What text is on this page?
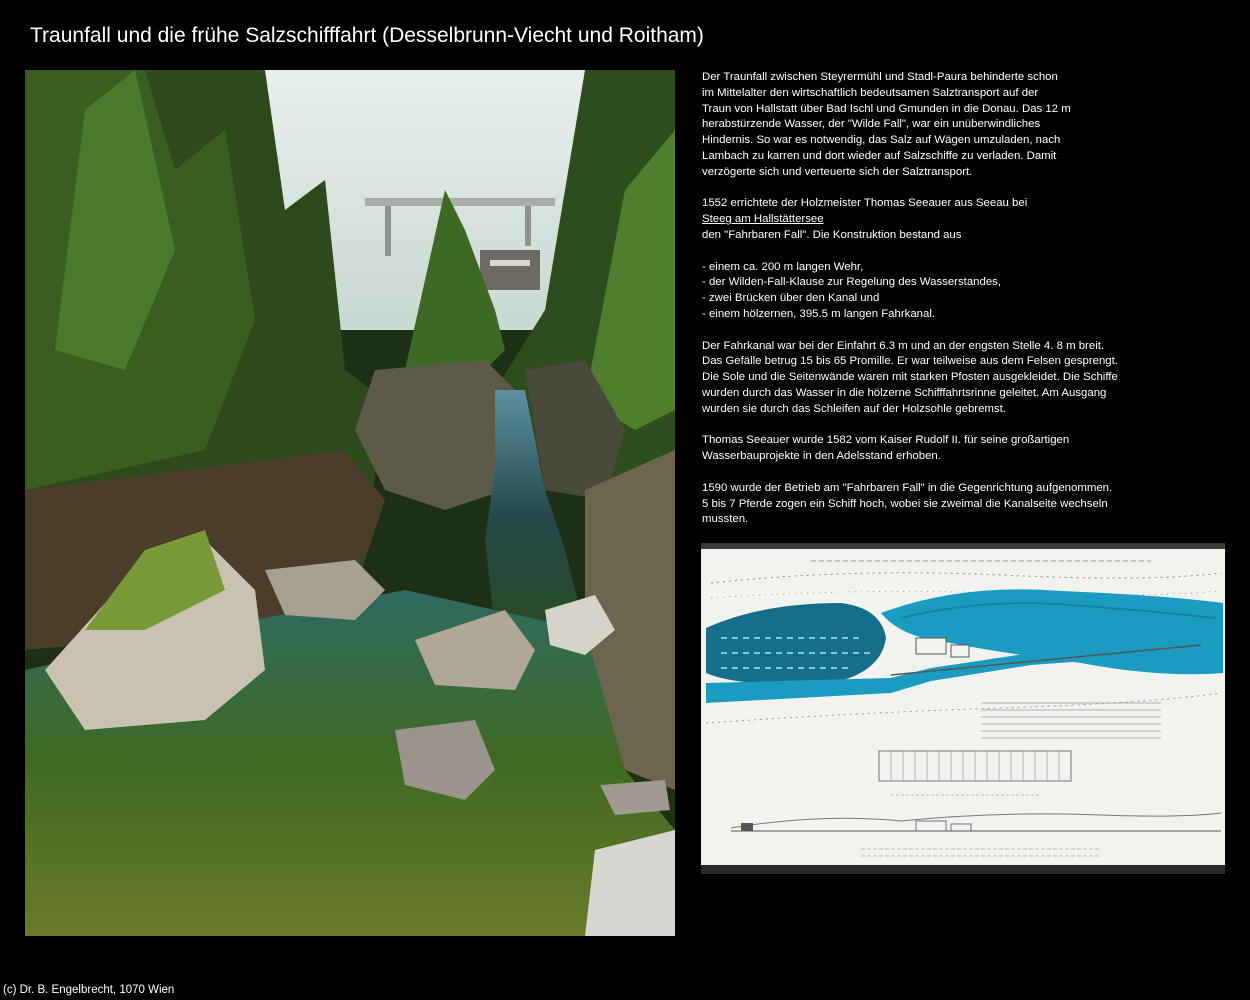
Traunfall und die frühe Salzschifffahrt (Desselbrunn-Viecht und Roitham)

Der Traunfall zwischen Steyrermühl und Stadl-Paura behinderte schon
im Mittelalter den wirtschaftlich bedeutsamen Salztransport auf der
Traun von Hallstatt über Bad Ischl und Gmunden in die Donau. Das 12 m
herabstürzende Wasser, der "Wilde Fall", war ein unüberwindliches
Hindernis. So war es notwendig, das Salz auf Wägen umzuladen, nach
Lambach zu karren und dort wieder auf Salzschiffe zu verladen. Damit
verzögerte sich und verteuerte sich der Salztransport.

1552 errichtete der Holzmeister Thomas Seeauer aus Seeau bei
Steeg am Hallstättersee
den "Fahrbaren Fall". Die Konstruktion bestand aus

- einem ca. 200 m langen Wehr,
- der Wilden-Fall-Klause zur Regelung des Wasserstandes,
- zwei Brücken über den Kanal und
- einem hölzernen, 395.5 m langen Fahrkanal.

Der Fahrkanal war bei der Einfahrt 6.3 m und an der engsten Stelle 4. 8 m breit.
Das Gefälle betrug 15 bis 65 Promille. Er war teilweise aus dem Felsen gesprengt.
Die Sole und die Seitenwände waren mit starken Pfosten ausgekleidet. Die Schiffe
wurden durch das Wasser in die hölzerne Schifffahrtsrinne geleitet. Am Ausgang
wurden sie durch das Schleifen auf der Holzsohle gebremst.

Thomas Seeauer wurde 1582 vom Kaiser Rudolf II. für seine großartigen
Wasserbauprojekte in den Adelsstand erhoben.

1590 wurde der Betrieb am "Fahrbaren Fall" in die Gegenrichtung aufgenommen.
5 bis 7 Pferde zogen ein Schiff hoch, wobei sie zweimal die Kanalseite wechseln
mussten.

(c) Dr. B. Engelbrecht, 1070 Wien
